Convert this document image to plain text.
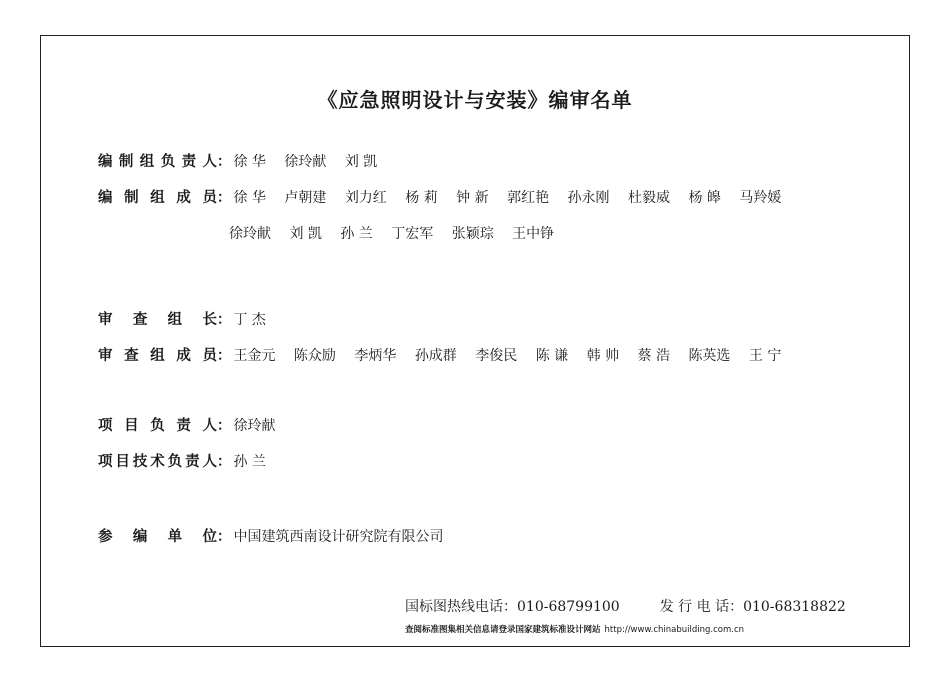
《应急照明设计与安装》编审名单
编制组负责人： 徐 华 徐玲献 刘 凯
编制组成员： 徐 华 卢朝建 刘力红 杨 莉 钟 新 郭红艳 孙永刚 杜毅威 杨 皞 马羚媛
徐玲献 刘 凯 孙 兰 丁宏军 张颖琮 王中铮
审查组长： 丁 杰
审查组成员： 王金元 陈众励 李炳华 孙成群 李俊民 陈 谦 韩 帅 蔡 浩 陈英选 王 宁
项目负责人： 徐玲献
项目技术负责人： 孙 兰
参编单位： 中国建筑西南设计研究院有限公司
国标图热线电话：010-68799100	发 行 电 话：010-68318822
查阅标准图集相关信息请登录国家建筑标准设计网站 http://www.chinabuilding.com.cn
